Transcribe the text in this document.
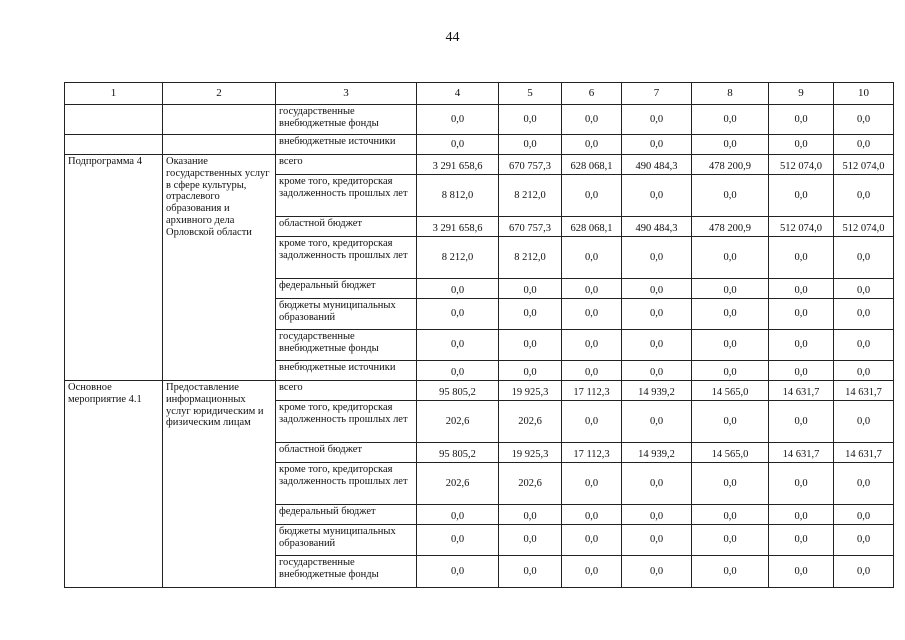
44
1	2	3	4	5	6	7	8	9	10
		государственные внебюджетные фонды	0,0	0,0	0,0	0,0	0,0	0,0	0,0
		внебюджетные источники	0,0	0,0	0,0	0,0	0,0	0,0	0,0
Подпрограмма 4	Оказание государственных услуг в сфере культуры, отраслевого образования и архивного дела Орловской области	всего	3 291 658,6	670 757,3	628 068,1	490 484,3	478 200,9	512 074,0	512 074,0
		кроме того, кредиторская задолженность прошлых лет	8 812,0	8 212,0	0,0	0,0	0,0	0,0	0,0
		областной бюджет	3 291 658,6	670 757,3	628 068,1	490 484,3	478 200,9	512 074,0	512 074,0
		кроме того, кредиторская задолженность прошлых лет	8 212,0	8 212,0	0,0	0,0	0,0	0,0	0,0
		федеральный бюджет	0,0	0,0	0,0	0,0	0,0	0,0	0,0
		бюджеты муниципальных образований	0,0	0,0	0,0	0,0	0,0	0,0	0,0
		государственные внебюджетные фонды	0,0	0,0	0,0	0,0	0,0	0,0	0,0
		внебюджетные источники	0,0	0,0	0,0	0,0	0,0	0,0	0,0
Основное мероприятие 4.1	Предоставление информационных услуг юридическим и физическим лицам	всего	95 805,2	19 925,3	17 112,3	14 939,2	14 565,0	14 631,7	14 631,7
		кроме того, кредиторская задолженность прошлых лет	202,6	202,6	0,0	0,0	0,0	0,0	0,0
		областной бюджет	95 805,2	19 925,3	17 112,3	14 939,2	14 565,0	14 631,7	14 631,7
		кроме того, кредиторская задолженность прошлых лет	202,6	202,6	0,0	0,0	0,0	0,0	0,0
		федеральный бюджет	0,0	0,0	0,0	0,0	0,0	0,0	0,0
		бюджеты муниципальных образований	0,0	0,0	0,0	0,0	0,0	0,0	0,0
		государственные внебюджетные фонды	0,0	0,0	0,0	0,0	0,0	0,0	0,0
